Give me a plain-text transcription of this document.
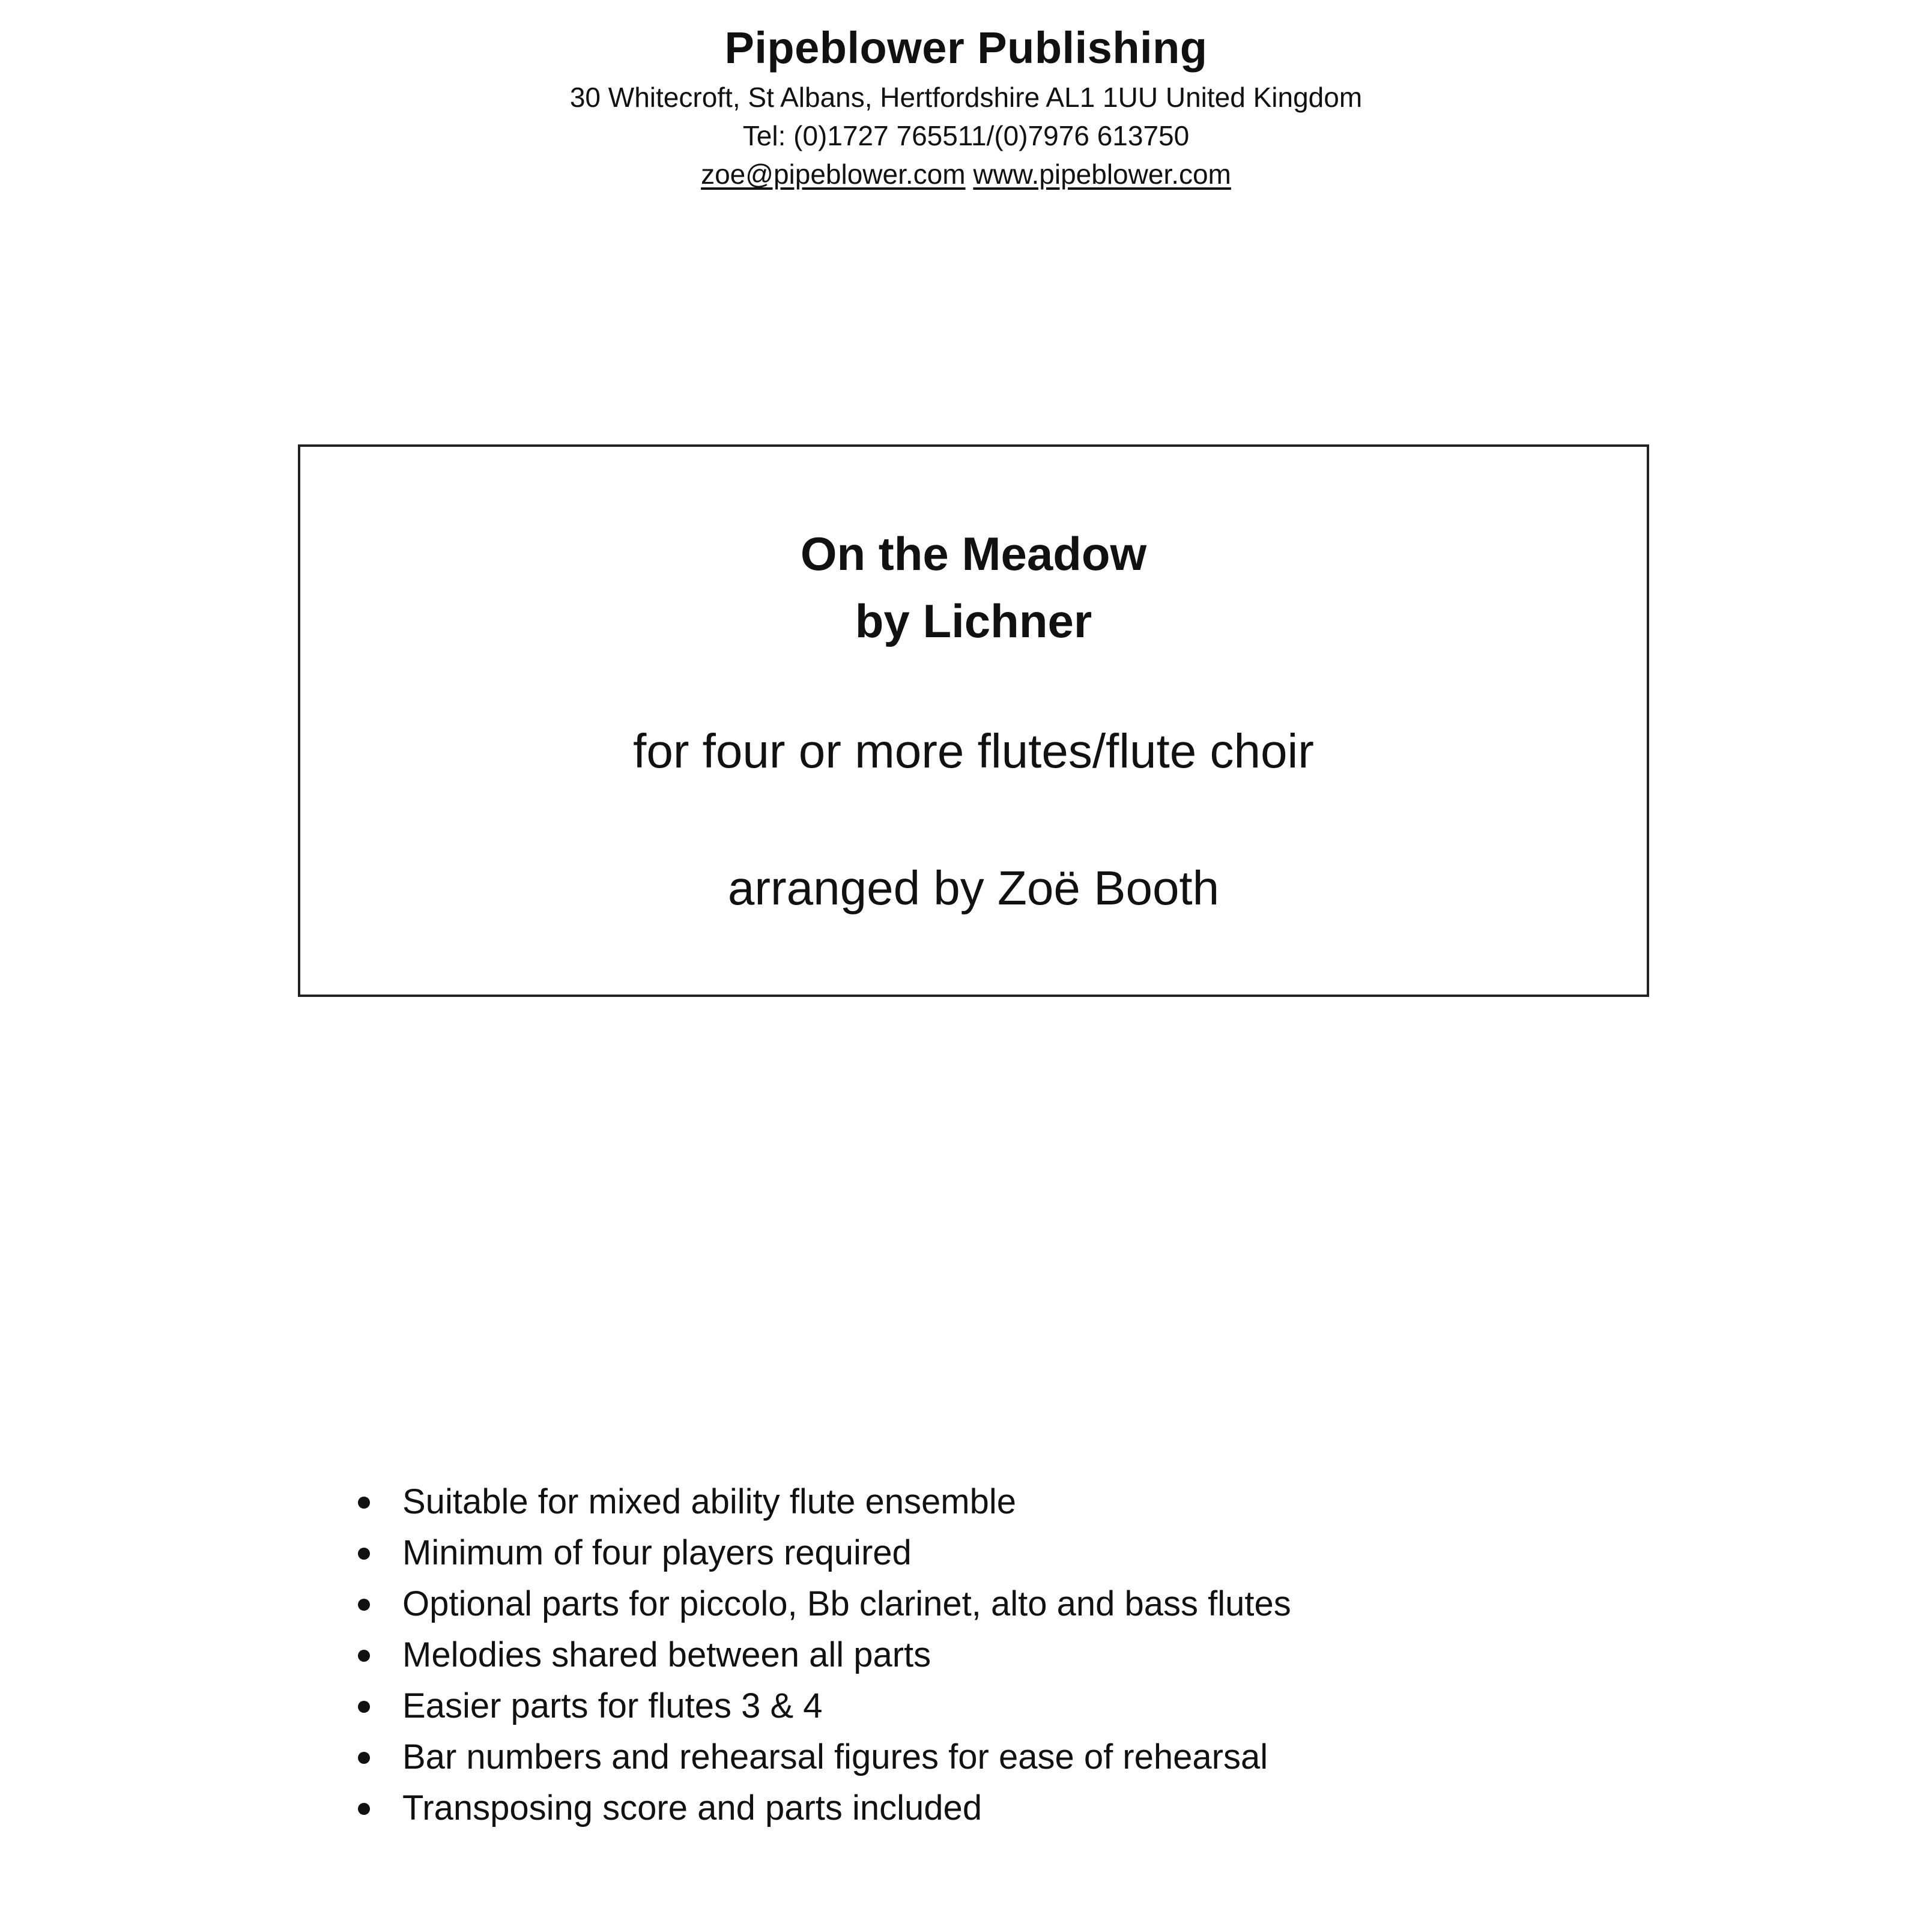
Pipeblower Publishing

30 Whitecroft, St Albans, Hertfordshire AL1 1UU United Kingdom

Tel: (0)1727 765511/(0)7976 613750

zoe@pipeblower.com www.pipeblower.com

On the Meadow

by Lichner

for four or more flutes/flute choir

arranged by Zoë Booth

Suitable for mixed ability flute ensemble
Minimum of four players required
Optional parts for piccolo, Bb clarinet, alto and bass flutes
Melodies shared between all parts
Easier parts for flutes 3 & 4
Bar numbers and rehearsal figures for ease of rehearsal
Transposing score and parts included
